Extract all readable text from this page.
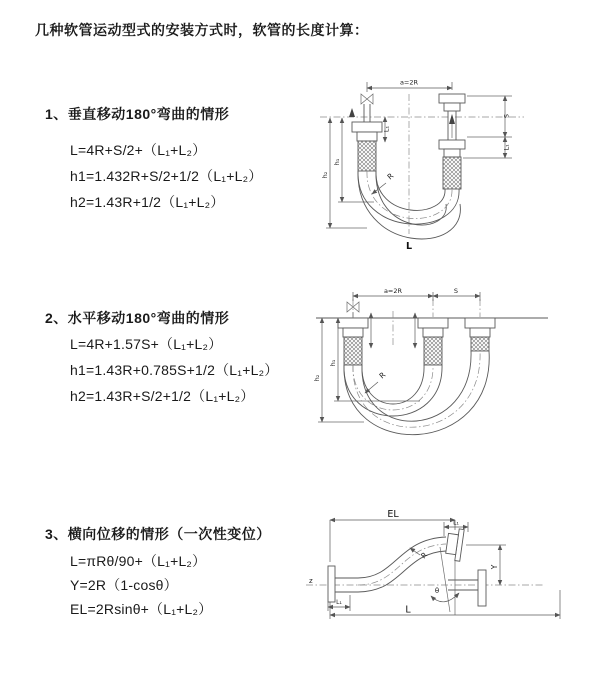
几种软管运动型式的安装方式时，软管的长度计算：
1、垂直移动180°弯曲的情形
L=4R+S/2+（L₁+L₂）
h1=1.432R+S/2+1/2（L₁+L₂）
h2=1.43R+1/2（L₁+L₂）
2、水平移动180°弯曲的情形
L=4R+1.57S+（L₁+L₂）
h1=1.43R+0.785S+1/2（L₁+L₂）
h2=1.43R+S/2+1/2（L₁+L₂）
3、横向位移的情形（一次性变位）
L=πRθ/90+（L₁+L₂）
Y=2R（1-cosθ）
EL=2Rsinθ+（L₁+L₂）
a=2R
L₁
S
L₁
h₁
h₂	R
L
a=2R	S
h₁
h₂	R
z
EL
L₁
Y
L₁
R
θ
L
